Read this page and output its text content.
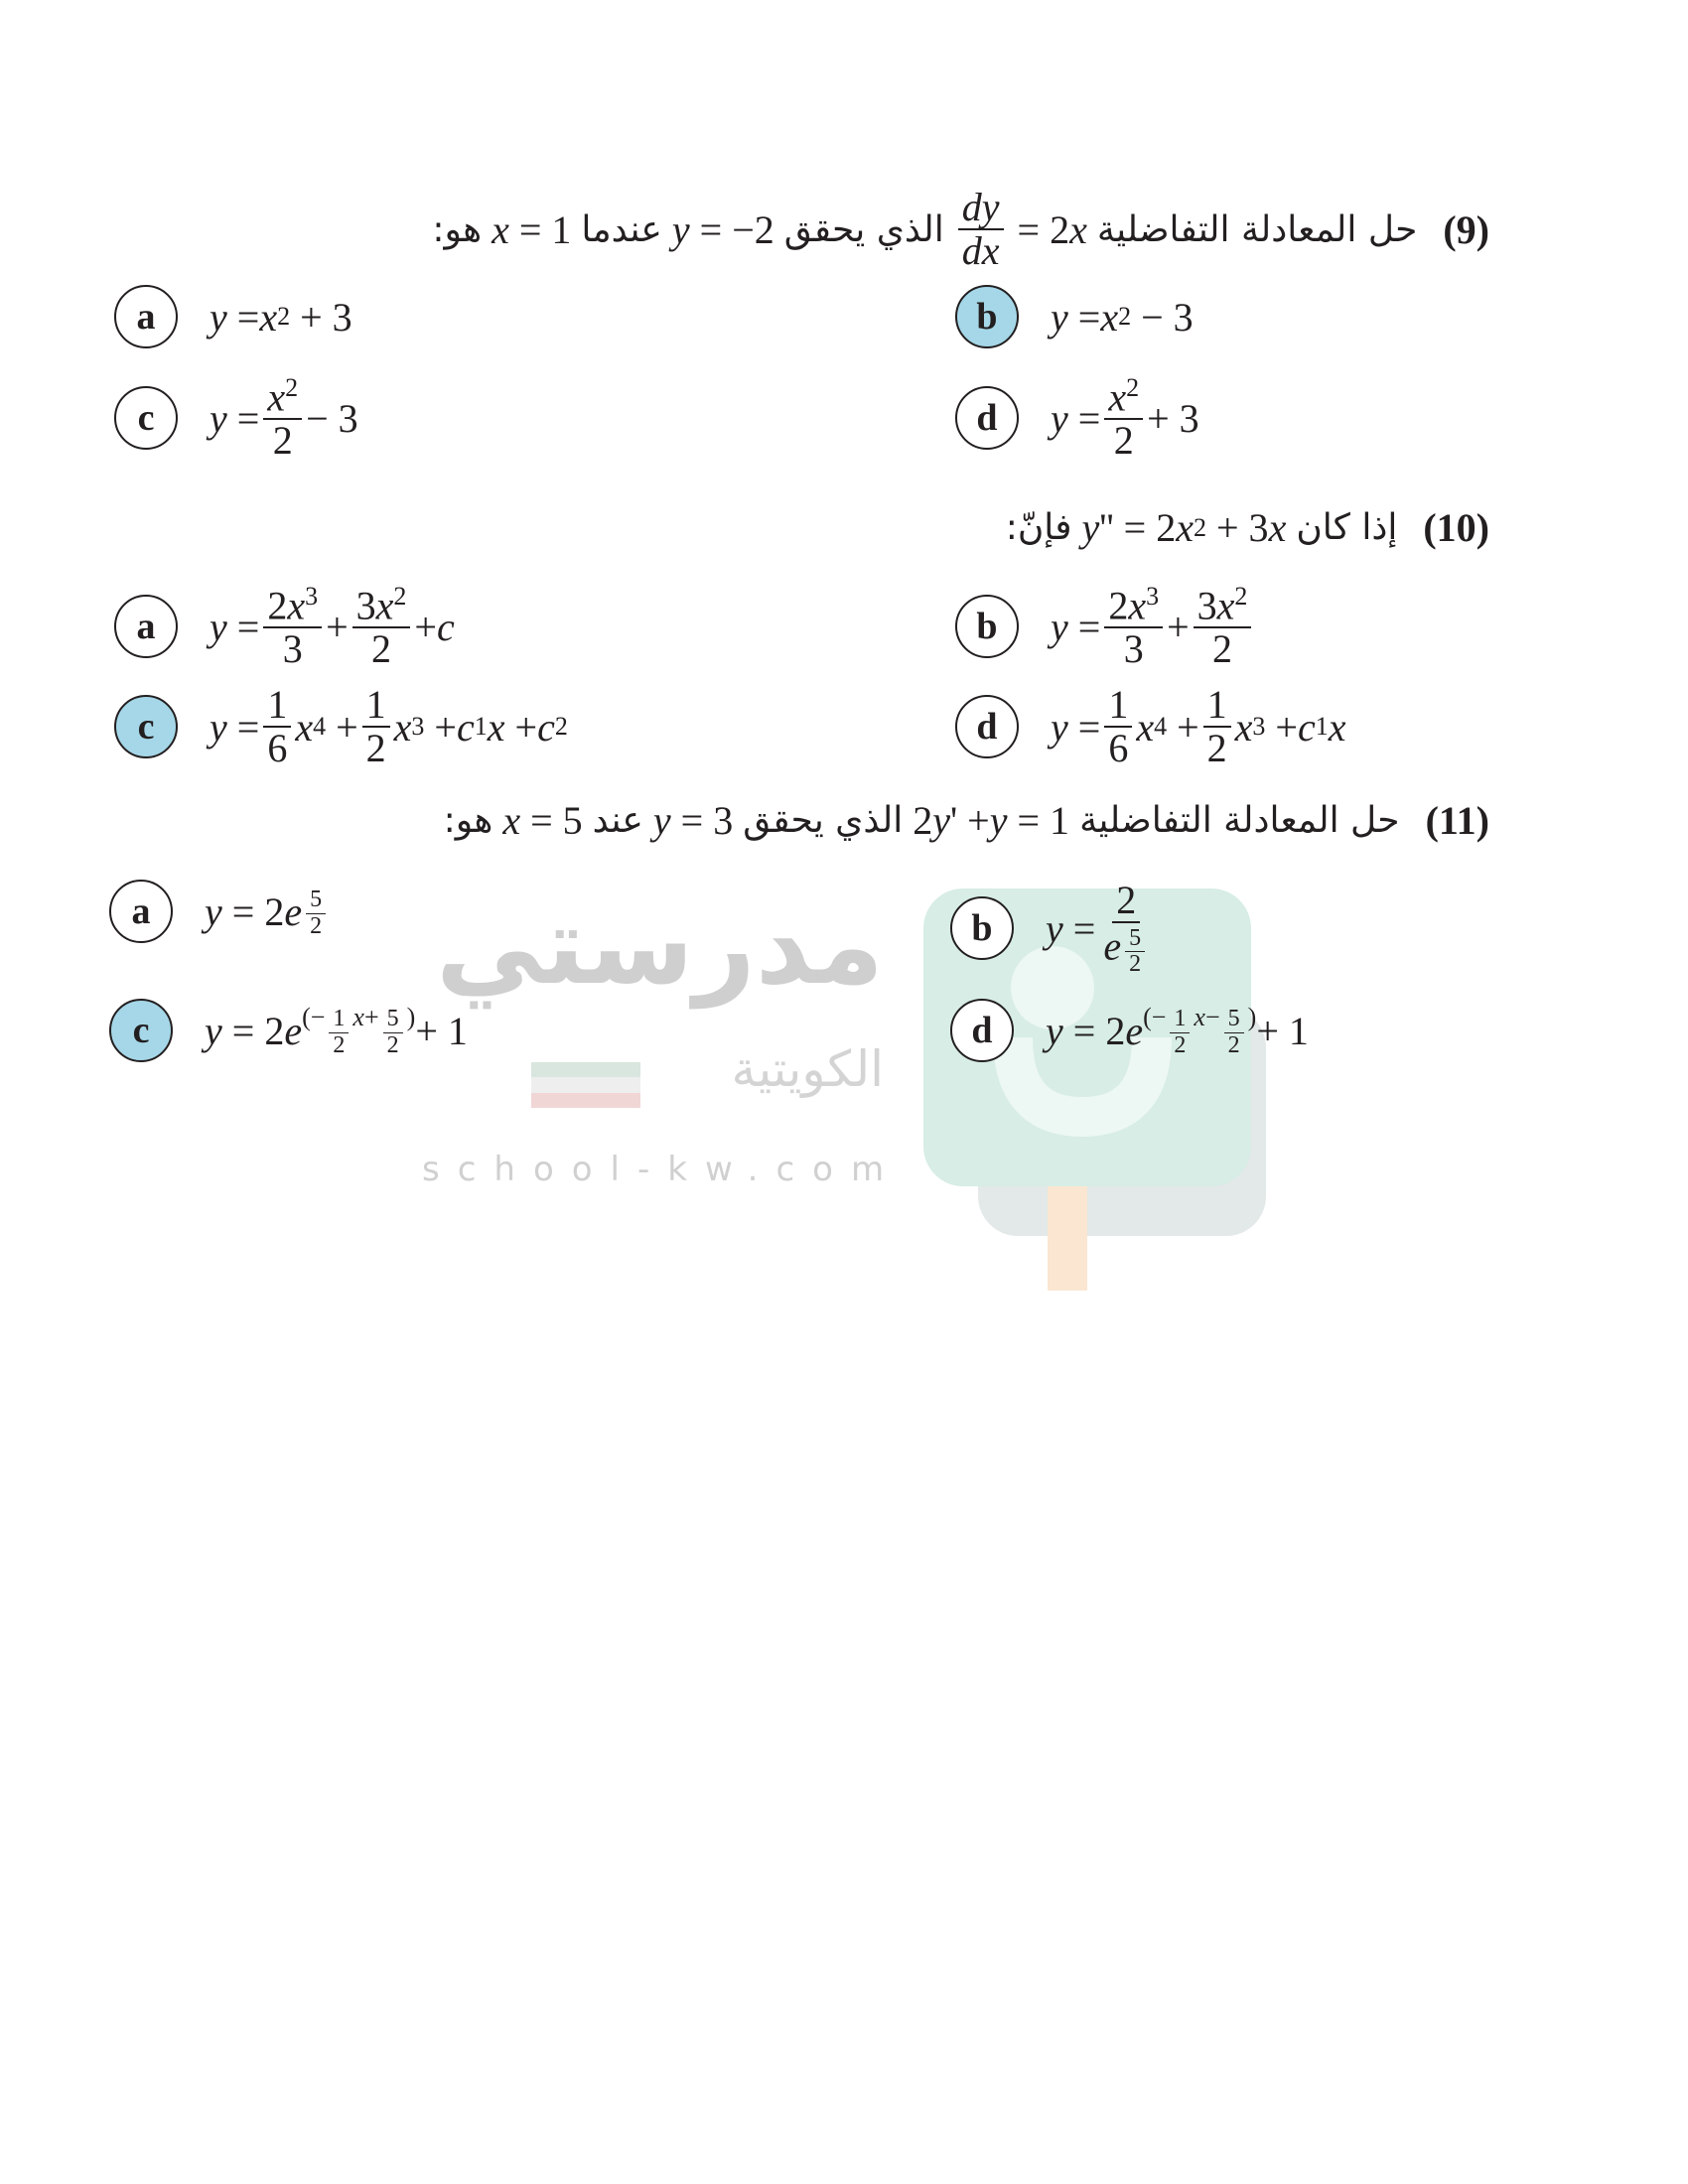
مدرستي
الكويتية
school-kw.com
(9)
حل المعادلة التفاضلية
$\frac{dy}{dx} = 2$ x
الذي يحقق
y = −2
عندما
x = 1
هو:
a	y = x 2 + 3	b	y = x 2 − 3
c	$y = \frac{x^2}{2} - 3$	d	$y = \frac{x^2}{2} + 3$
(10)
إذا كان
y '' = 2 x 2 + 3 x
فإنّ:
a	$y = \frac{2x^3}{3} + \frac{3x^2}{2} + c$	b	$y = \frac{2x^3}{3} + \frac{3x^2}{2}$
c	$y = \frac{1}{6}$ x $4 + \frac{1}{2}$ x 3 + c 1 x + c 2	d	$y = \frac{1}{6}$ x $4 + \frac{1}{2}$ x 3 + c 1 x
(11)
حل المعادلة التفاضلية
2 y ' + y = 1
الذي يحقق
y = 3
عند
x = 5
هو:
a	y = 2 e $\frac{5}{2}$	b	y = 2
e $^{\frac{5}{2}}$
c	y = 2 e (− $\frac{1}{2} x+ \frac{5}{2}$ ) + 1	d	y = 2 e (− $\frac{1}{2} x- \frac{5}{2}$ ) + 1
